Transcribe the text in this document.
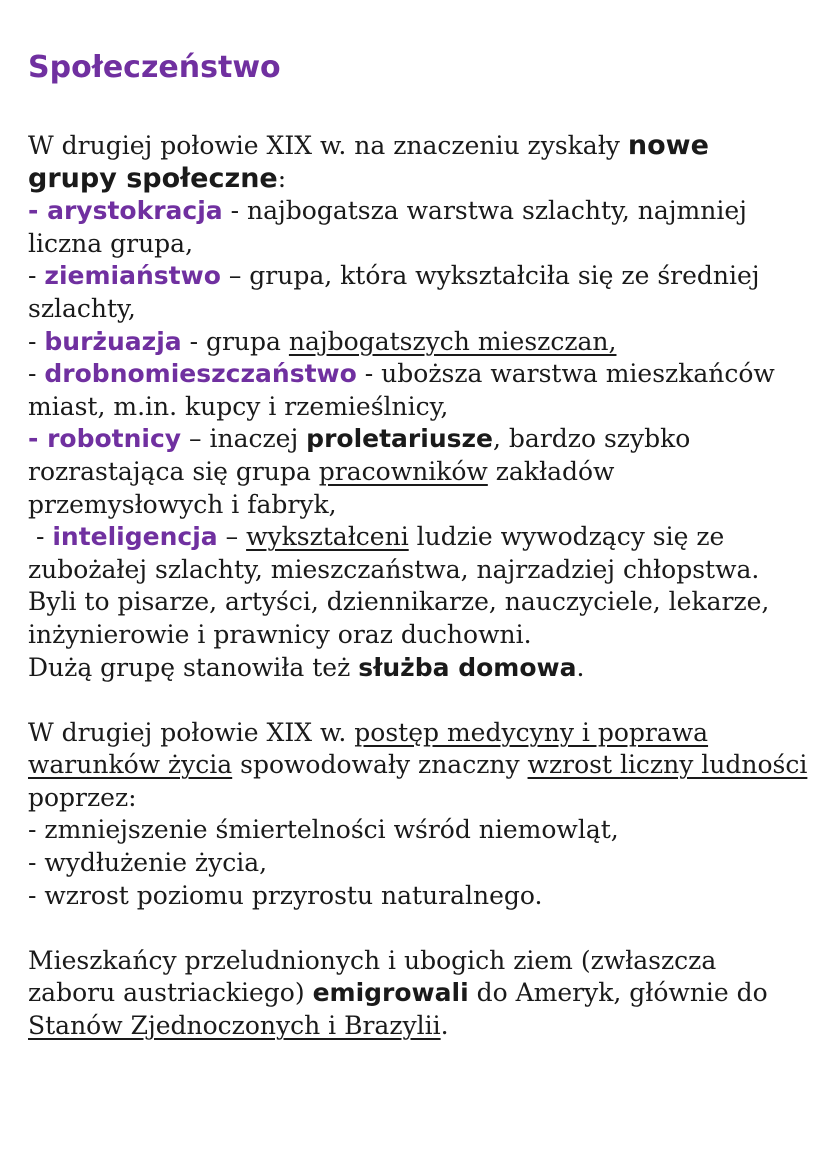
Społeczeństwo

W drugiej połowie XIX w. na znaczeniu zyskały nowe
grupy społeczne:

- arystokracja - najbogatsza warstwa szlachty, najmniej liczna grupa,

- ziemiaństwo – grupa, która wykształciła się ze średniej szlachty,

- burżuazja - grupa najbogatszych mieszczan,

- drobnomieszczaństwo - uboższa warstwa mieszkańców miast, m.in. kupcy i rzemieślnicy,

- robotnicy – inaczej proletariusze, bardzo szybko rozrastająca się grupa pracowników zakładów przemysłowych i fabryk,

- inteligencja – wykształceni ludzie wywodzący się ze zubożałej szlachty, mieszczaństwa, najrzadziej chłopstwa. Byli to pisarze, artyści, dziennikarze, nauczyciele, lekarze, inżynierowie i prawnicy oraz duchowni.

Dużą grupę stanowiła też służba domowa.

W drugiej połowie XIX w. postęp medycyny i poprawa warunków życia spowodowały znaczny wzrost liczny ludności poprzez:

- zmniejszenie śmiertelności wśród niemowląt,

- wydłużenie życia,

- wzrost poziomu przyrostu naturalnego.

Mieszkańcy przeludnionych i ubogich ziem (zwłaszcza zaboru austriackiego) emigrowali do Ameryk, głównie do Stanów Zjednoczonych i Brazylii.
